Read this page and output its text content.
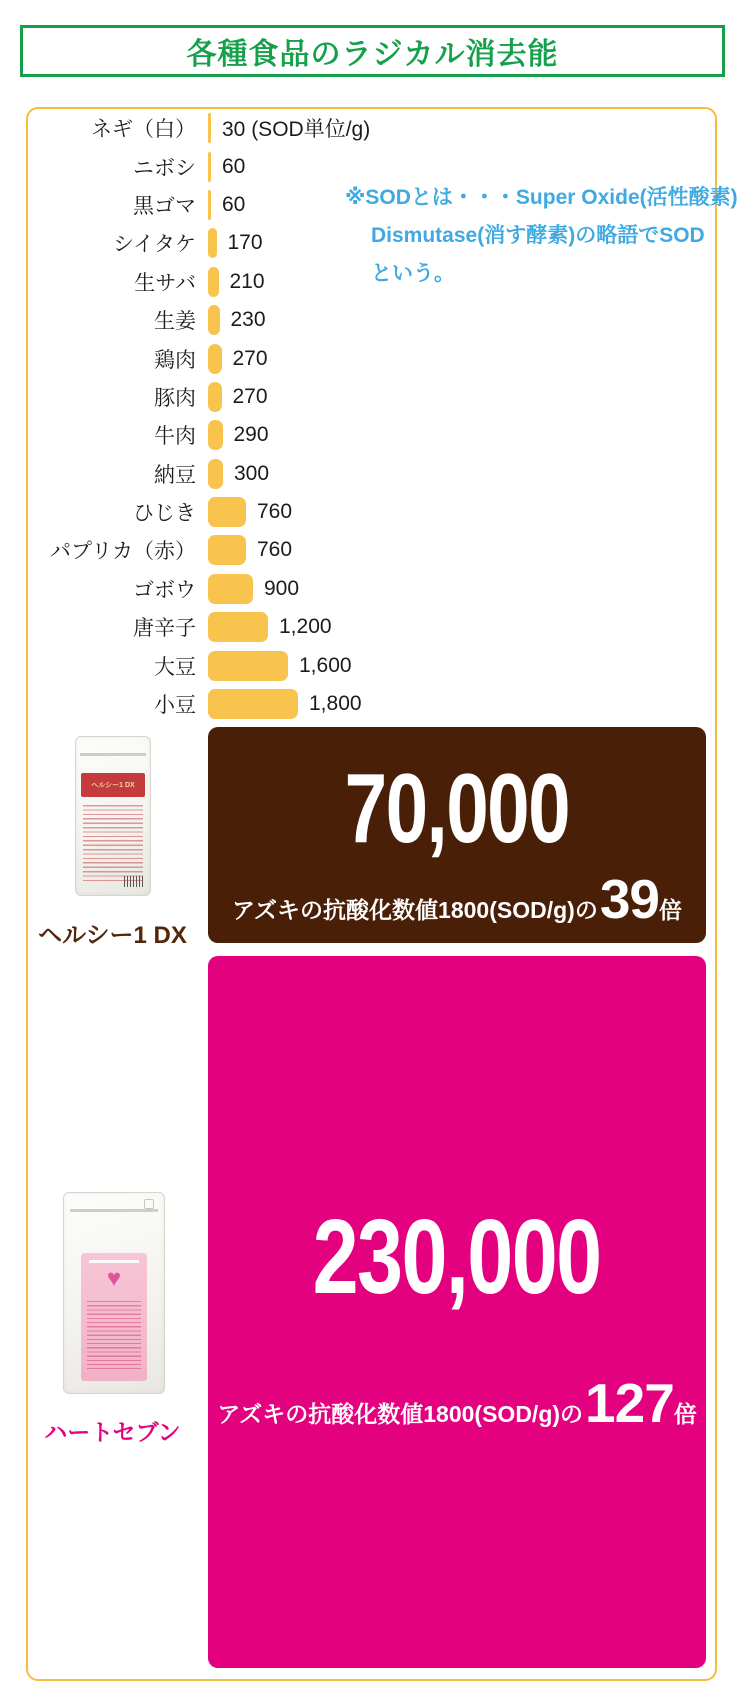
各種食品のラジカル消去能
ネギ（白） 30 (SOD単位/g)
ニボシ 60
黒ゴマ 60
シイタケ 170
生サバ 210
生姜 230
鶏肉 270
豚肉 270
牛肉 290
納豆 300
ひじき	760
パプリカ（赤）	760
ゴボウ	900
唐辛子	1,200
大豆	1,600
小豆	1,800
※SODとは・・・Super Oxide(活性酸素)
Dismutase(消す酵素)の略語でSOD
という。
70,000
アズキの抗酸化数値1800(SOD/g)の 39 倍
ヘルシー1 DX
ヘルシー1 DX
230,000
アズキの抗酸化数値1800(SOD/g)の 127 倍
♥
ハートセブン
